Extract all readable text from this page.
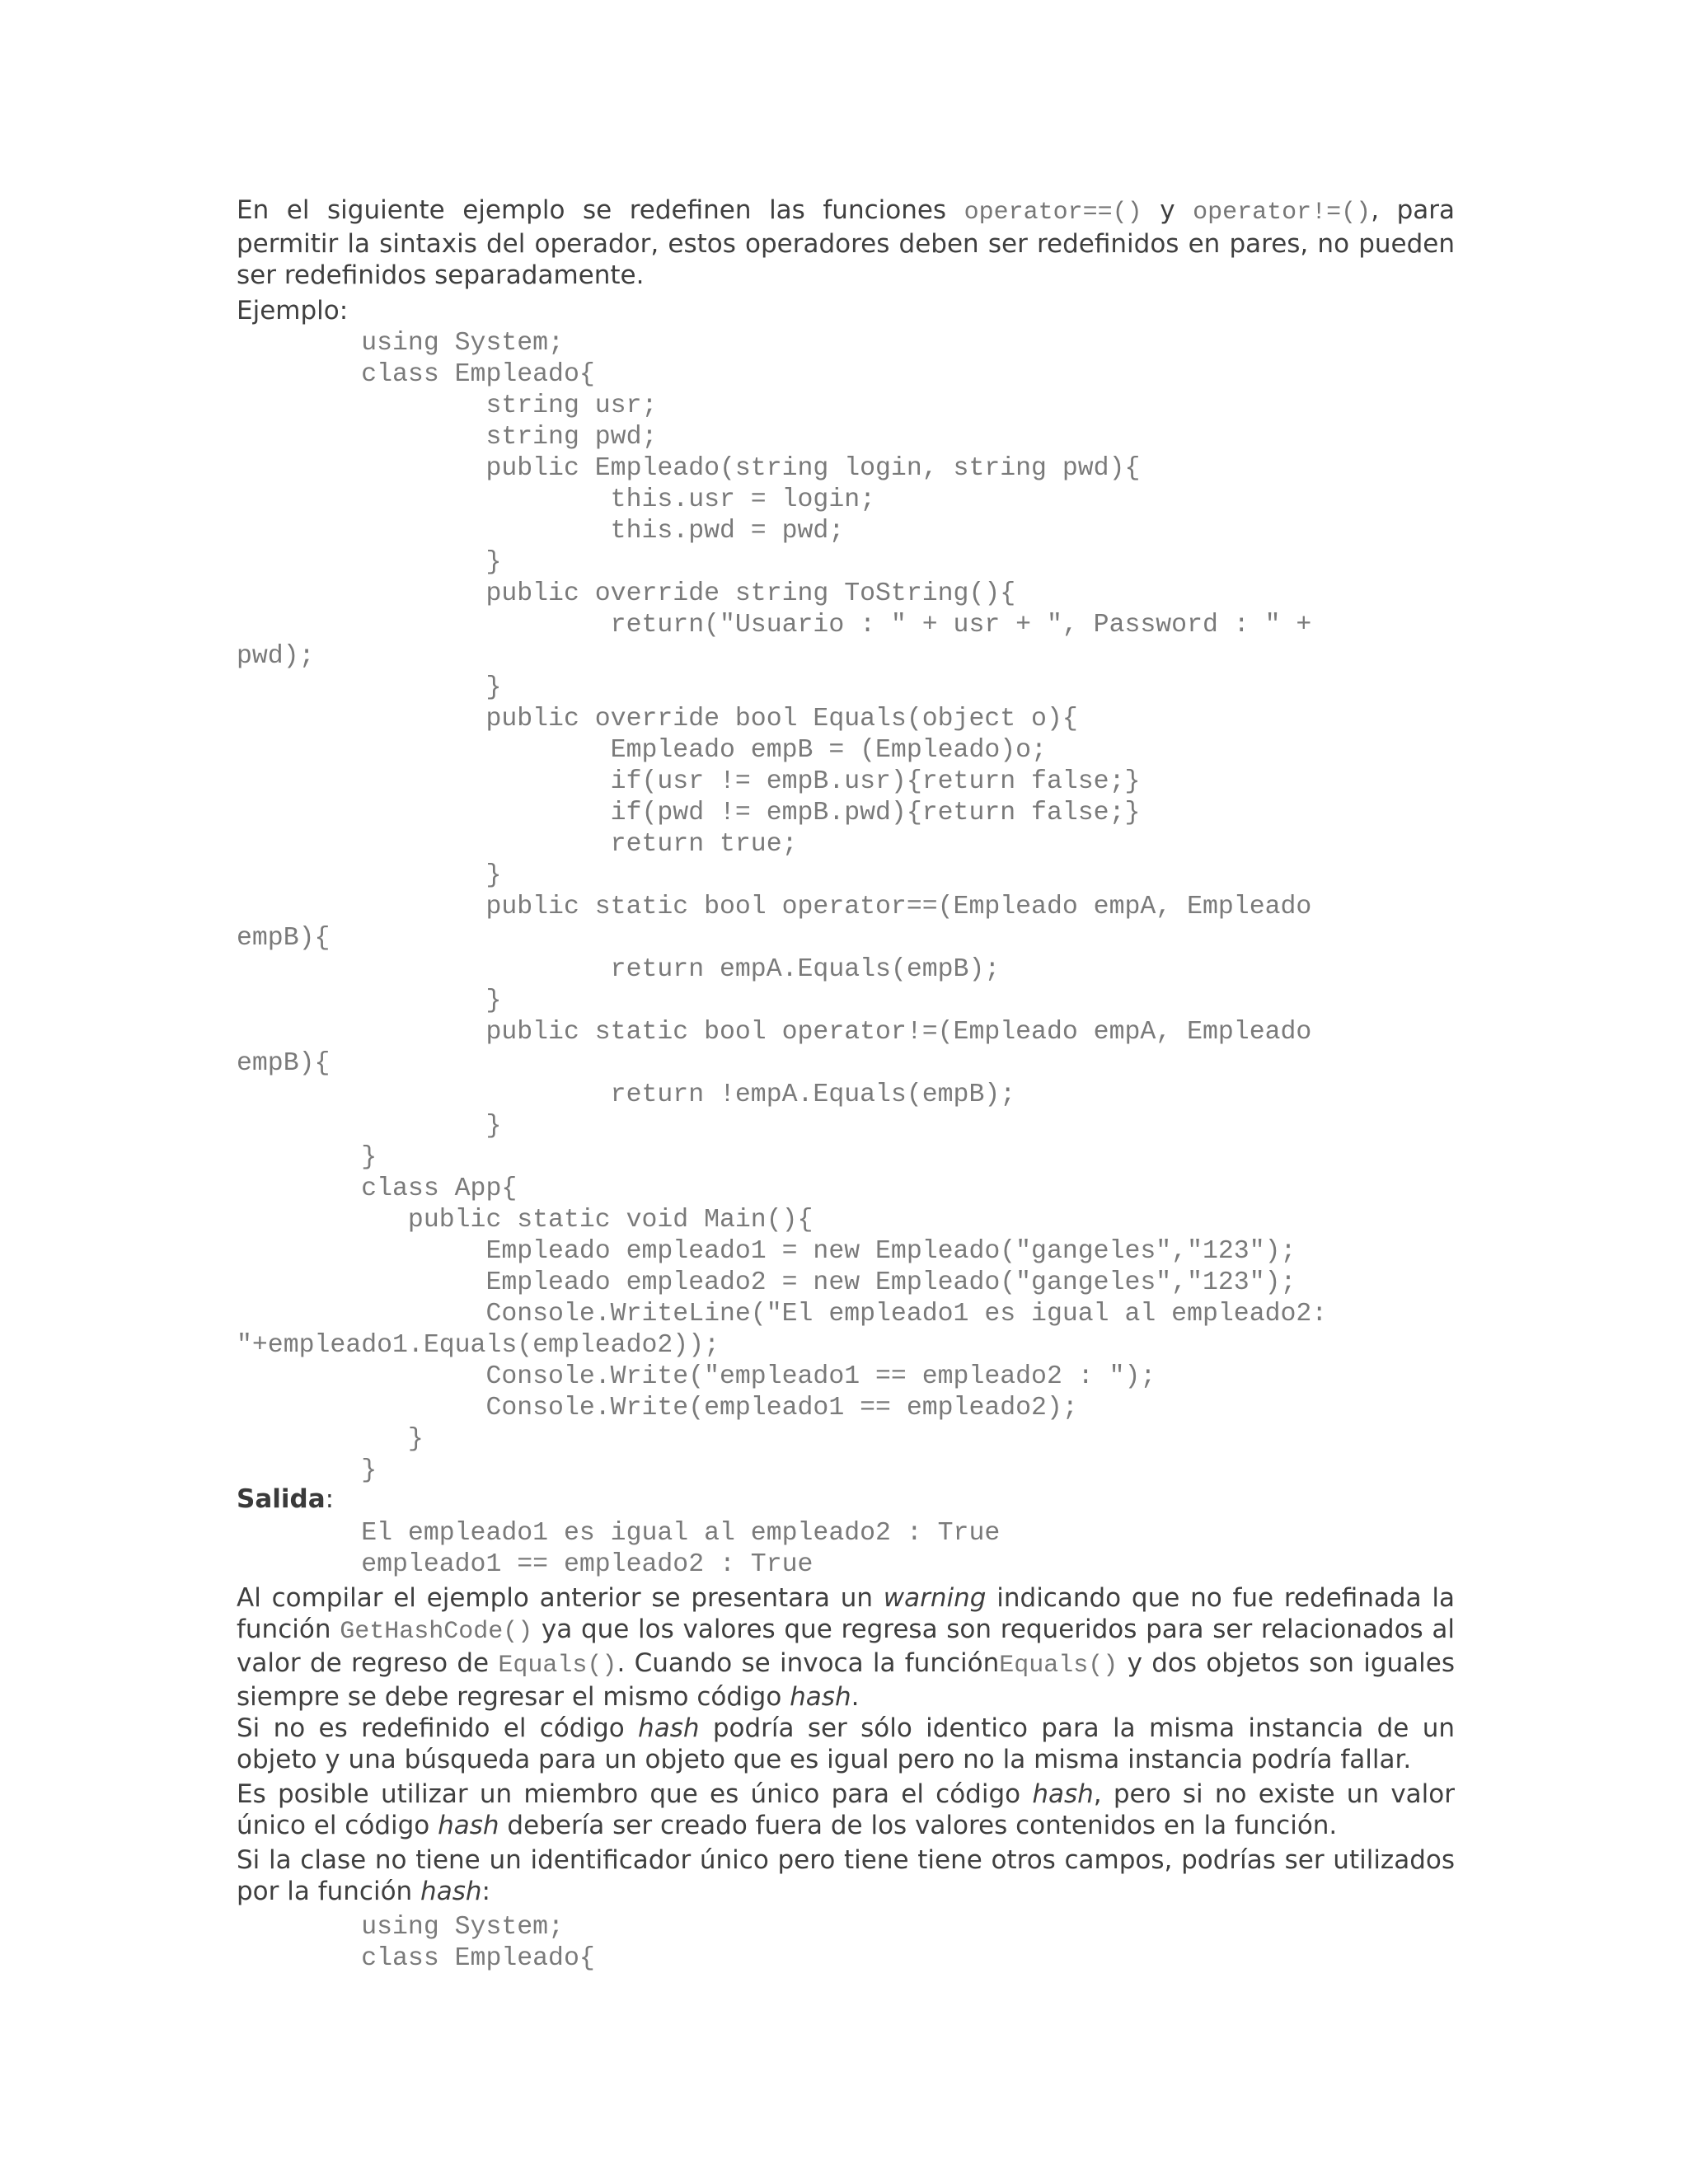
En el siguiente ejemplo se redefinen las funciones operator==() y operator!=(), para permitir la sintaxis del operador, estos operadores deben ser redefinidos en pares, no pueden ser redefinidos separadamente.

Ejemplo:

using System;
class Empleado{
string usr;
string pwd;
public Empleado(string login, string pwd){
this.usr = login;
this.pwd = pwd;
}
public override string ToString(){
return("Usuario : " + usr + ", Password : " +
pwd);
}
public override bool Equals(object o){
Empleado empB = (Empleado)o;
if(usr != empB.usr){return false;}
if(pwd != empB.pwd){return false;}
return true;
}
public static bool operator==(Empleado empA, Empleado
empB){
return empA.Equals(empB);
}
public static bool operator!=(Empleado empA, Empleado
empB){
return !empA.Equals(empB);
}
}
class App{
public static void Main(){
Empleado empleado1 = new Empleado("gangeles","123");
Empleado empleado2 = new Empleado("gangeles","123");
Console.WriteLine("El empleado1 es igual al empleado2:
"+empleado1.Equals(empleado2));
Console.Write("empleado1 == empleado2 : ");
Console.Write(empleado1 == empleado2);
}
}

Salida:

El empleado1 es igual al empleado2 : True
empleado1 == empleado2 : True

Al compilar el ejemplo anterior se presentara un warning indicando que no fue redefinada la función GetHashCode() ya que los valores que regresa son requeridos para ser relacionados al valor de regreso de Equals(). Cuando se invoca la funciónEquals() y dos objetos son iguales siempre se debe regresar el mismo código hash.

Si no es redefinido el código hash podría ser sólo identico para la misma instancia de un objeto y una búsqueda para un objeto que es igual pero no la misma instancia podría fallar.

Es posible utilizar un miembro que es único para el código hash, pero si no existe un valor único el código hash debería ser creado fuera de los valores contenidos en la función.

Si la clase no tiene un identificador único pero tiene tiene otros campos, podrías ser utilizados por la función hash:

using System;
class Empleado{
